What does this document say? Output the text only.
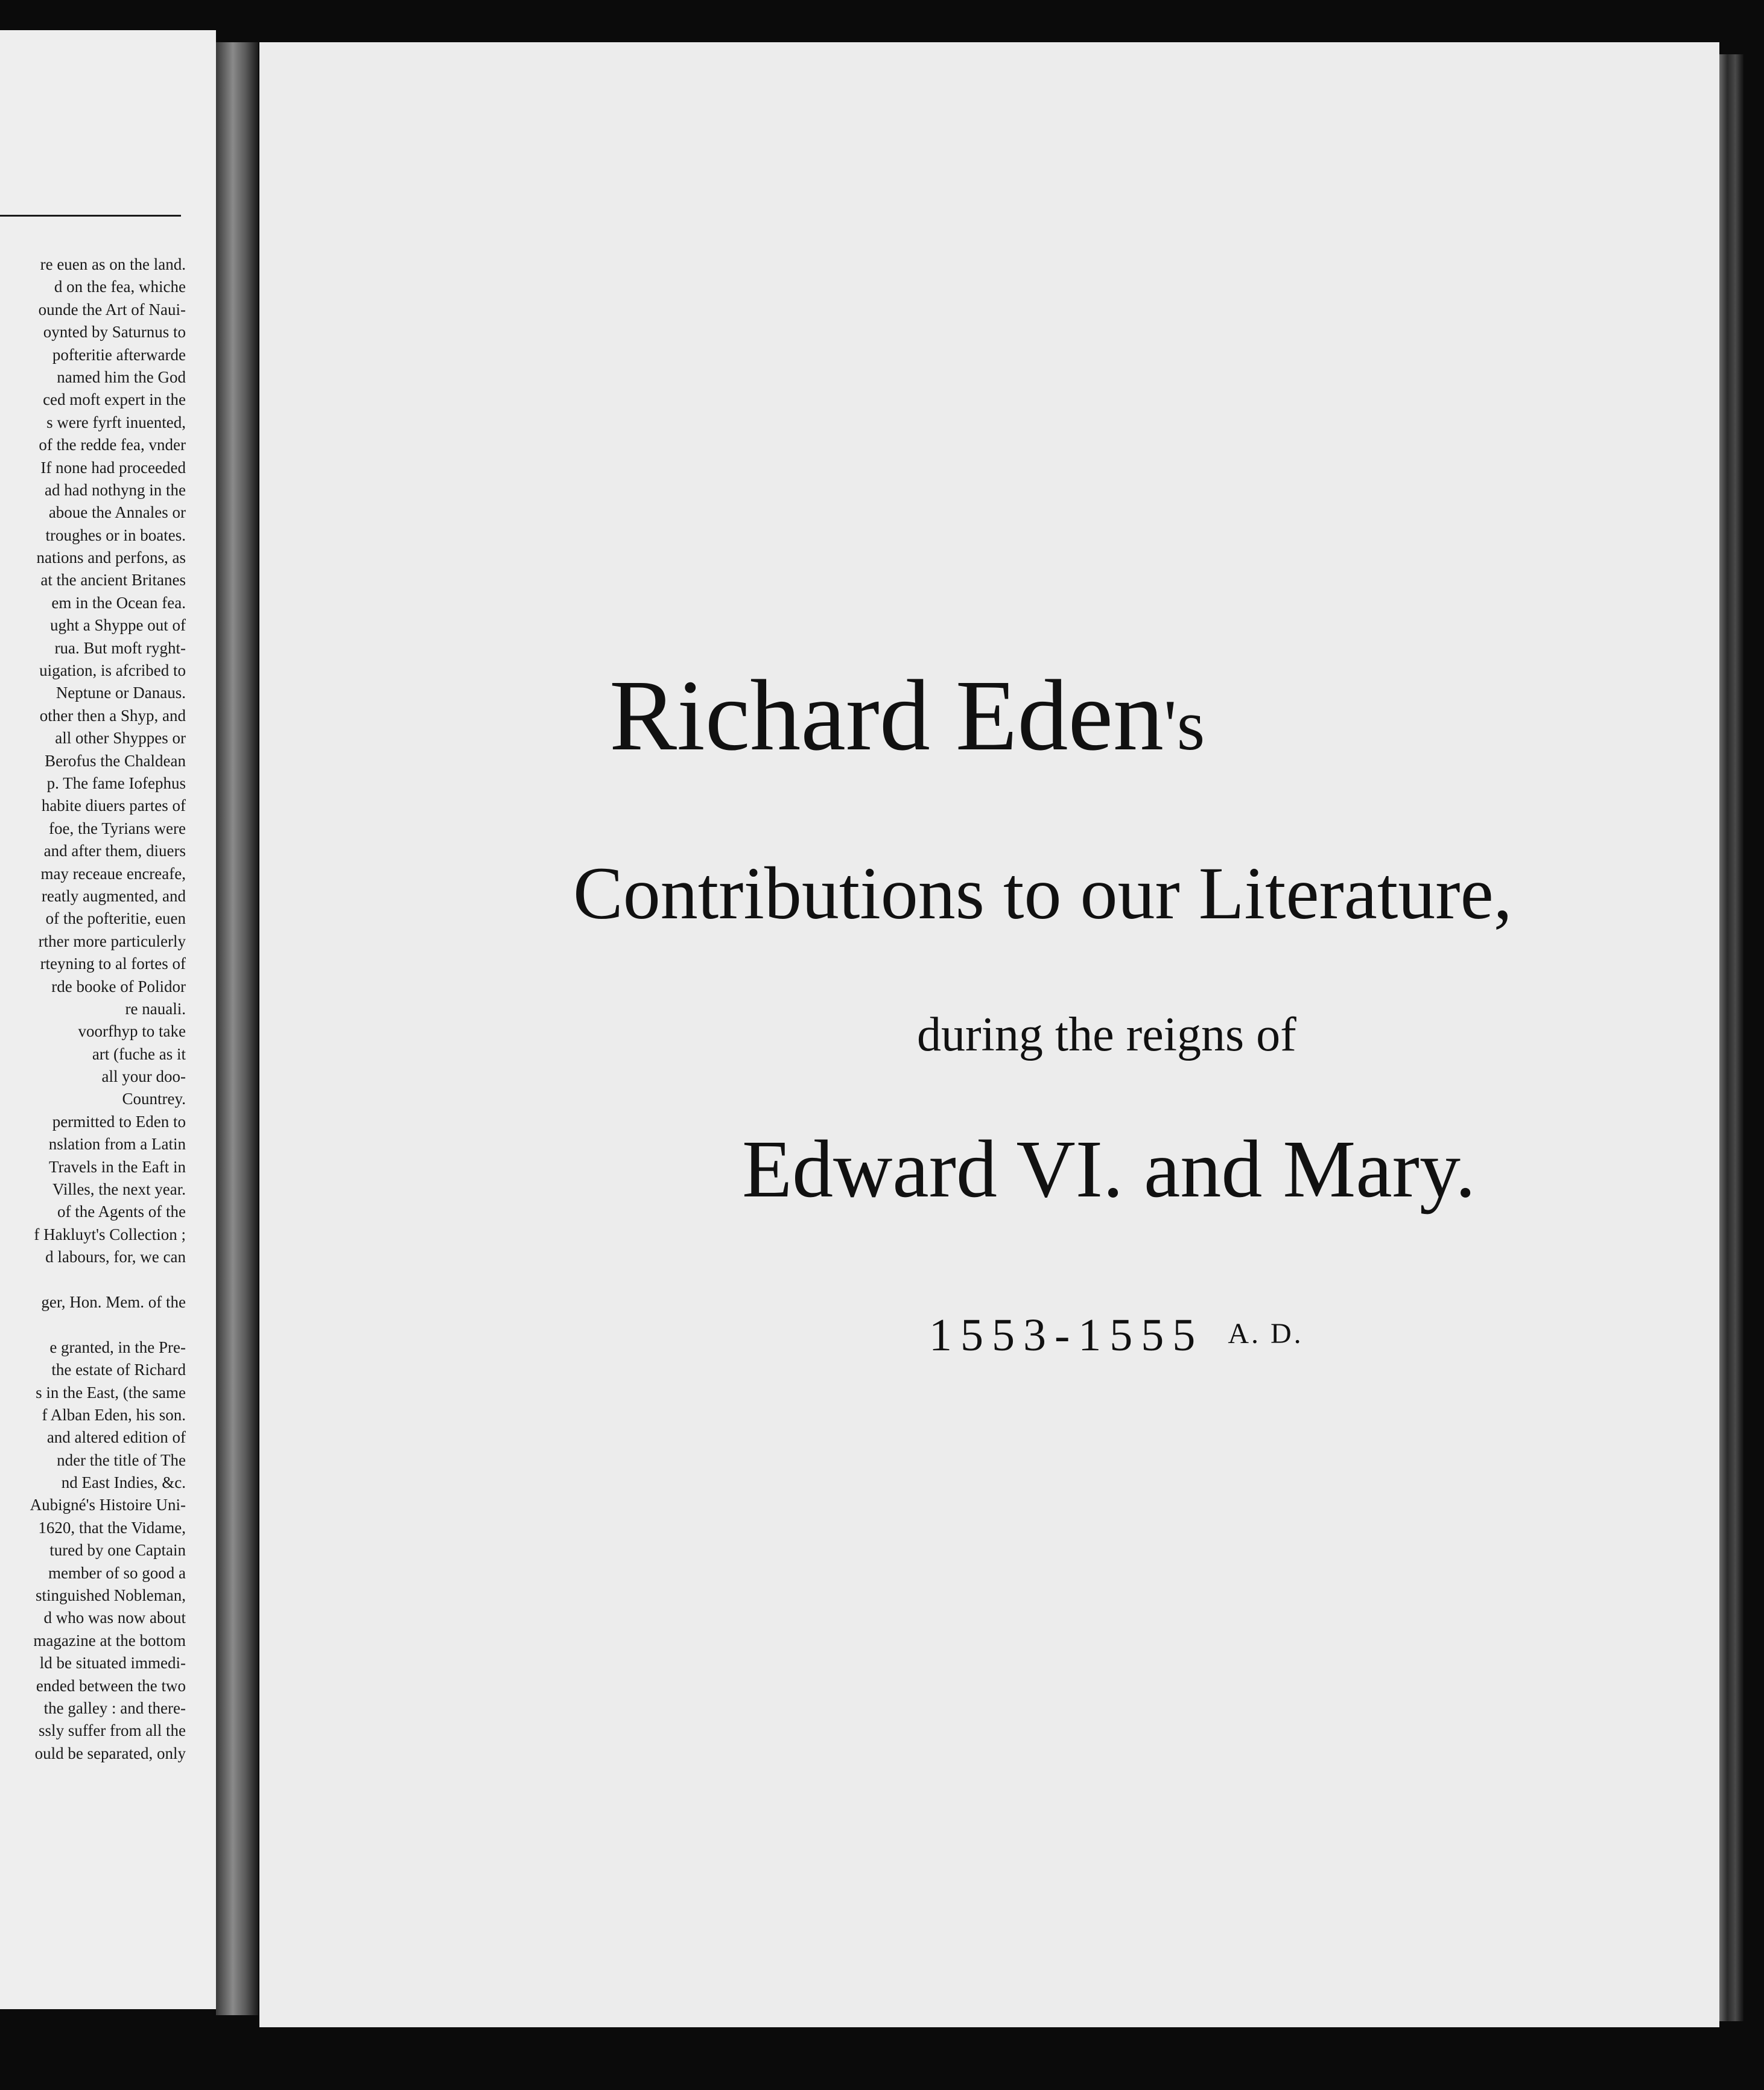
re euen as on the land.
d on the fea, whiche
ounde the Art of Naui-
oynted by Saturnus to
pofteritie afterwarde
named him the God
ced moft expert in the
s were fyrft inuented,
of the redde fea, vnder
If none had proceeded
ad had nothyng in the
aboue the Annales or
troughes or in boates.
nations and perfons, as
at the ancient Britanes
em in the Ocean fea.
ught a Shyppe out of
rua. But moft ryght-
uigation, is afcribed to
Neptune or Danaus.
other then a Shyp, and
all other Shyppes or
Berofus the Chaldean
p. The fame Iofephus
habite diuers partes of
foe, the Tyrians were
and after them, diuers
may receaue encreafe,
reatly augmented, and
of the pofteritie, euen
rther more particulerly
rteyning to al fortes of
rde booke of Polidor
re nauali.
voorfhyp to take
art (fuche as it
all your doo-
Countrey.
permitted to Eden to
nslation from a Latin
Travels in the Eaft in
Villes, the next year.
of the Agents of the
f Hakluyt's Collection ;
d labours, for, we can
ger, Hon. Mem. of the
e granted, in the Pre-
the estate of Richard
s in the East, (the same
f Alban Eden, his son.
and altered edition of
nder the title of The
nd East Indies, &c.
Aubigné's Histoire Uni-
1620, that the Vidame,
tured by one Captain
member of so good a
stinguished Nobleman,
d who was now about
magazine at the bottom
ld be situated immedi-
ended between the two
the galley : and there-
ssly suffer from all the
ould be separated, only
Richard Eden's
Contributions to our Literature,
during the reigns of
Edward VI. and Mary.
1553-1555 A. D.
